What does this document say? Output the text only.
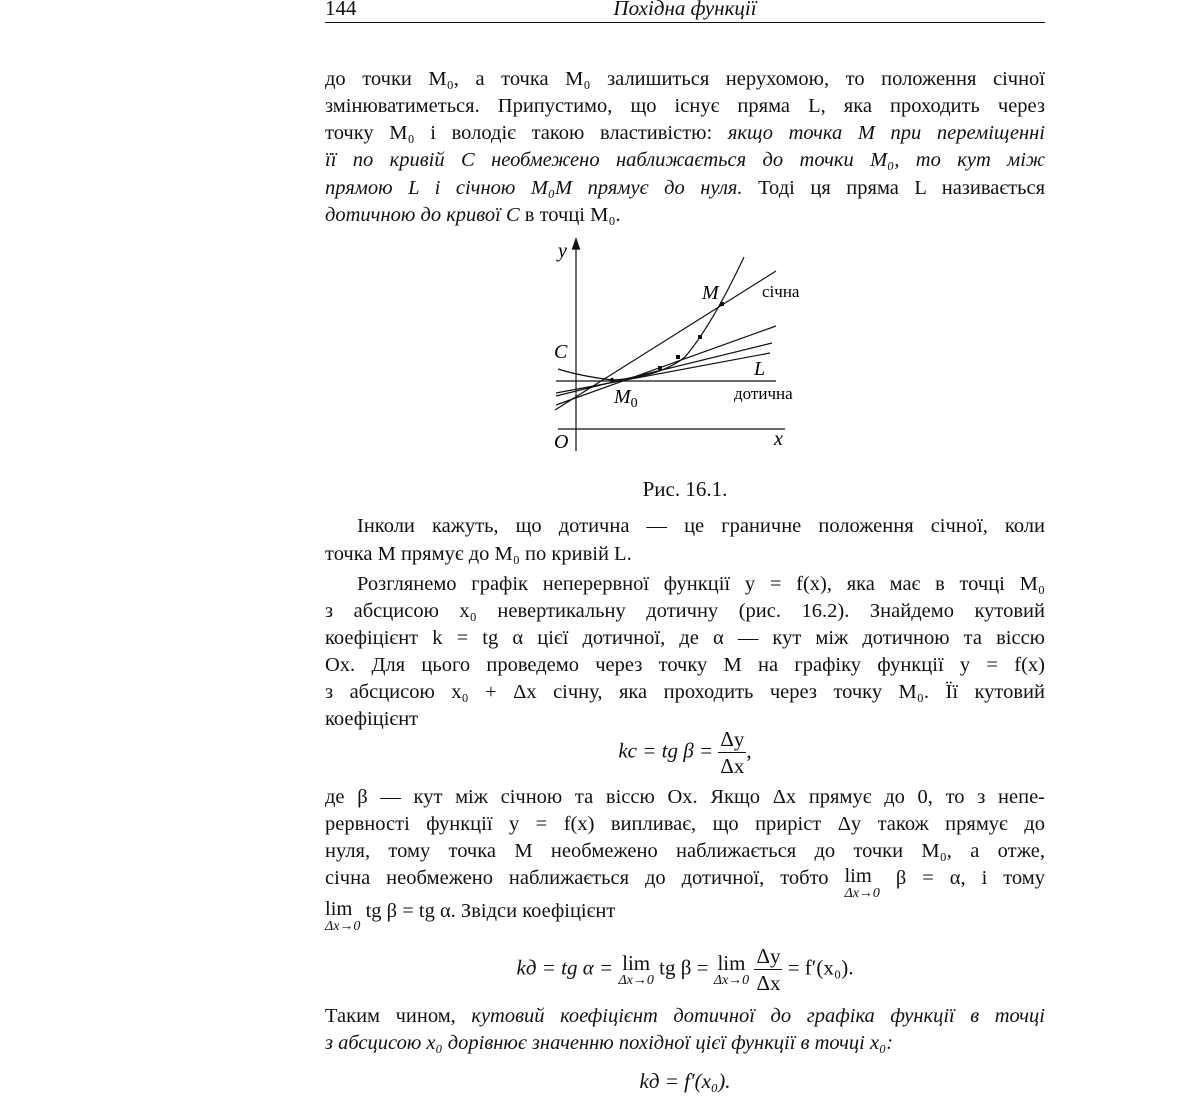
144	Похідна функції
до точки M₀, а точка M₀ залишиться нерухомою, то положення січної
змінюватиметься. Припустимо, що існує пряма L, яка проходить через
точку M₀ і володіє такою властивістю: якщо точка M при переміщенні
її по кривій C необмежено наближається до точки M₀, то кут між
прямою L і січною M₀M прямує до нуля. Тоді ця пряма L називається
дотичною до кривої C в точці M₀.
y
C
M	січна
L
$M_0$
дотична
O	x
Рис. 16.1.
Інколи кажуть, що дотична — це граничне положення січної, коли
точка M прямує до M₀ по кривій L.
Розглянемо графік неперервної функції y = f(x), яка має в точці M₀
з абсцисою x₀ невертикальну дотичну (рис. 16.2). Знайдемо кутовий
коефіцієнт k = tg α цієї дотичної, де α — кут між дотичною та віссю
Ox. Для цього проведемо через точку M на графіку функції y = f(x)
з абсцисою x₀ + Δx січну, яка проходить через точку M₀. Її кутовий
коефіцієнт
kс = tg $\beta = \frac{\Delta y}{\Delta x}$ ,
де β — кут між січною та віссю Ox. Якщо Δx прямує до 0, то з непе-
рервності функції y = f(x) випливає, що приріст Δy також прямує до
нуля, тому точка M необмежено наближається до точки M₀, а отже,
січна необмежено наближається до дотичної, тобто lim
Δx→0
β = α, і тому
lim
Δx→0
tg β = tg α. Звідси коефіцієнт
kд = tg α = lim
Δx→0
tg β = lim
Δx→0
$\frac{\Delta y}{\Delta x} = f'(x_0)$.
Таким чином, кутовий коефіцієнт дотичної до графіка функції в точці
з абсцисою x₀ дорівнює значенню похідної цієї функції в точці x₀:
kд = f′(x₀).
